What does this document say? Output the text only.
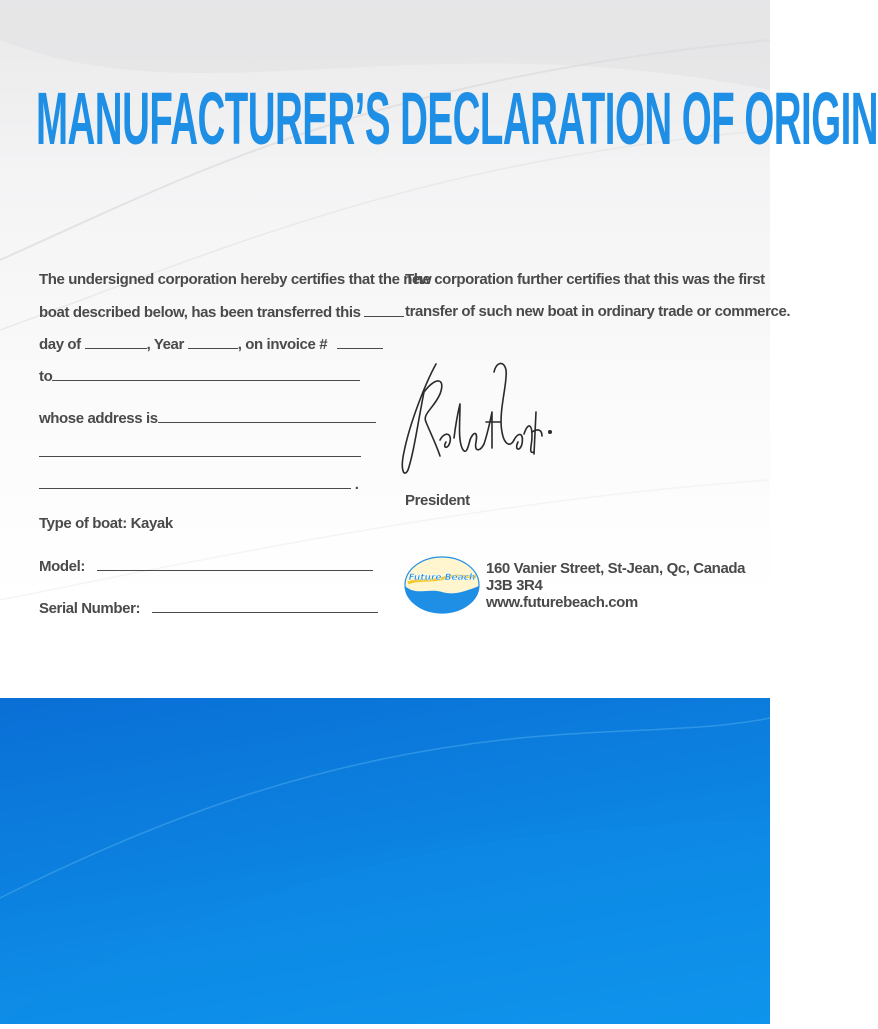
MANUFACTURER’S DECLARATION OF ORIGIN
The undersigned corporation hereby certifies that the new
boat described below, has been transferred this
day of	, Year	, on invoice #
to
whose address is
.
Type of boat: Kayak
Model:
Serial Number:
The corporation further certifies that this was the first
transfer of such new boat in ordinary trade or commerce.
President
Future Beach
160 Vanier Street, St-Jean, Qc, Canada J3B 3R4
www.futurebeach.com
